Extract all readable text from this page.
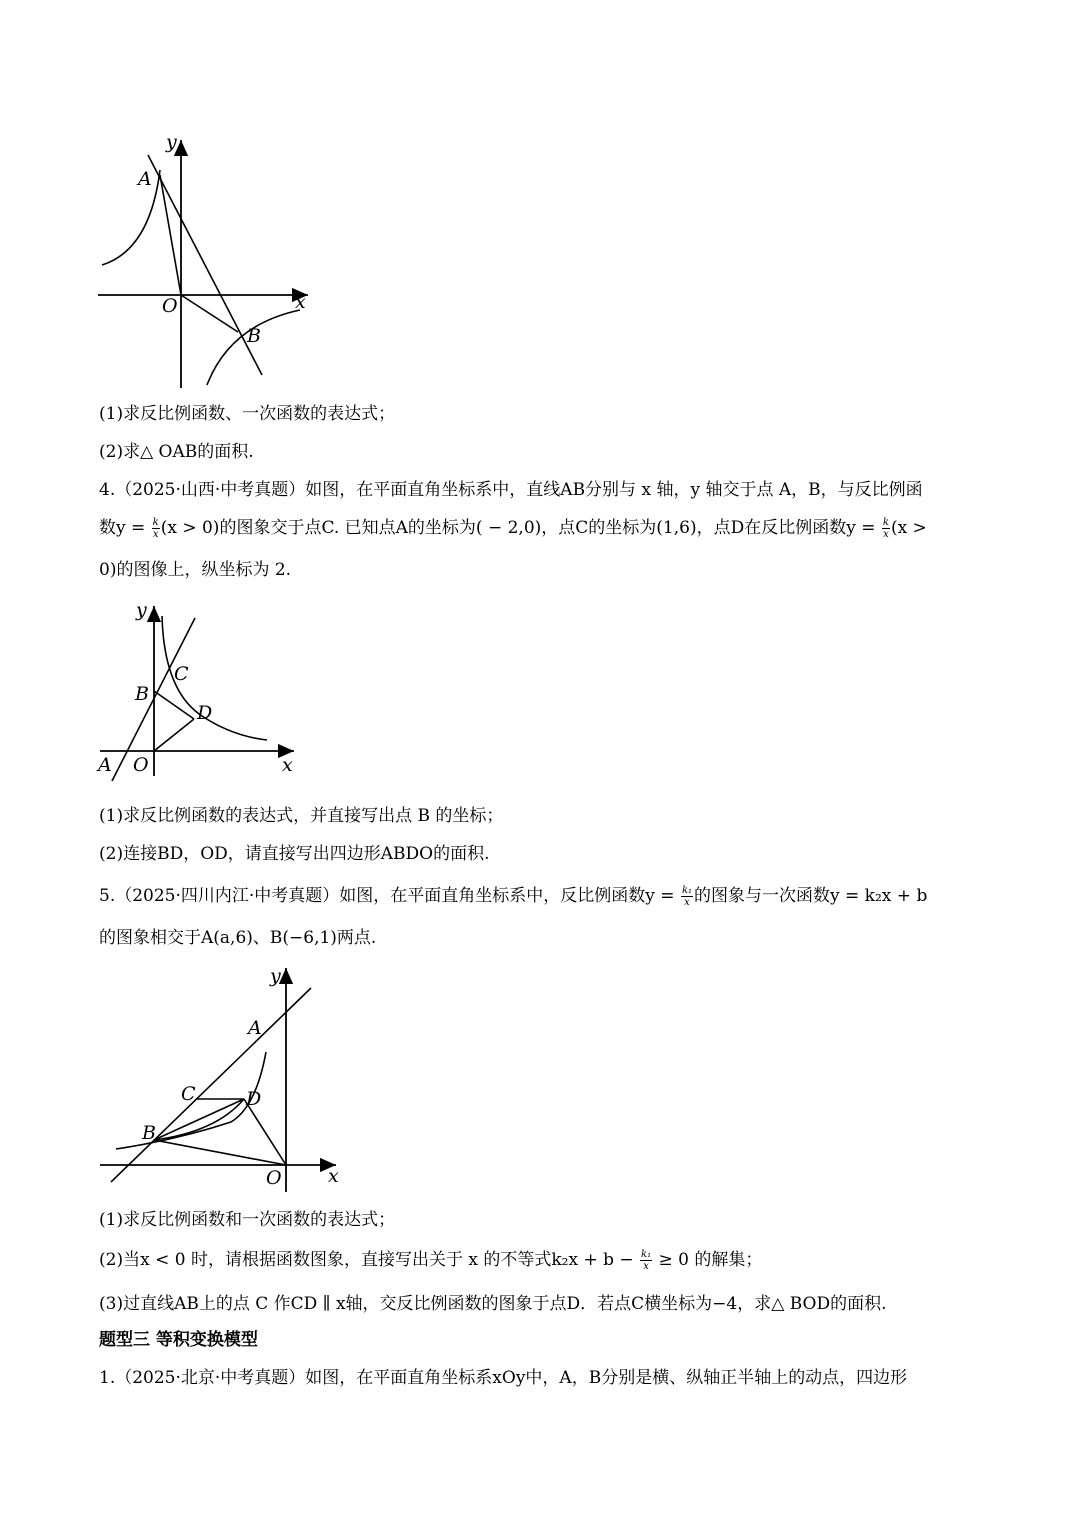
y
A
O	x
B
(1)求反比例函数、一次函数的表达式；
(2)求△ OAB的面积.
4.（2025·山西·中考真题）如图，在平面直角坐标系中，直线AB分别与 x 轴，y 轴交于点 A，B，与反比例函
数$y = \frac{k}{x} (x > 0)$的图象交于点C. 已知点A的坐标为( − 2,0)，点C的坐标为(1,6)，点D在反比例函数$y = \frac{k}{x} (x$ >
0)的图像上，纵坐标为 2.
y
C
B
D
A O	x
(1)求反比例函数的表达式，并直接写出点 B 的坐标；
(2)连接BD，OD，请直接写出四边形ABDO的面积.
5.（2025·四川内江·中考真题）如图，在平面直角坐标系中，反比例函数$y = \frac{\text{k₁}}{x}$ 的图象与一次函数y = k₂x + b
的图象相交于A(a,6)、B(−6,1)两点.
y
A
C	D
B
O x
(1)求反比例函数和一次函数的表达式；
(2)当x < 0 时，请根据函数图象，直接写出关于 x 的不等式$k_2x + b - \frac{\text{k₁}}{x} \ge 0$ 的解集；
(3)过直线AB上的点 C 作CD ∥ x轴，交反比例函数的图象于点D．若点C横坐标为−4，求△ BOD的面积.
题型三 等积变换模型
1.（2025·北京·中考真题）如图，在平面直角坐标系xOy中，A，B分别是横、纵轴正半轴上的动点，四边形
